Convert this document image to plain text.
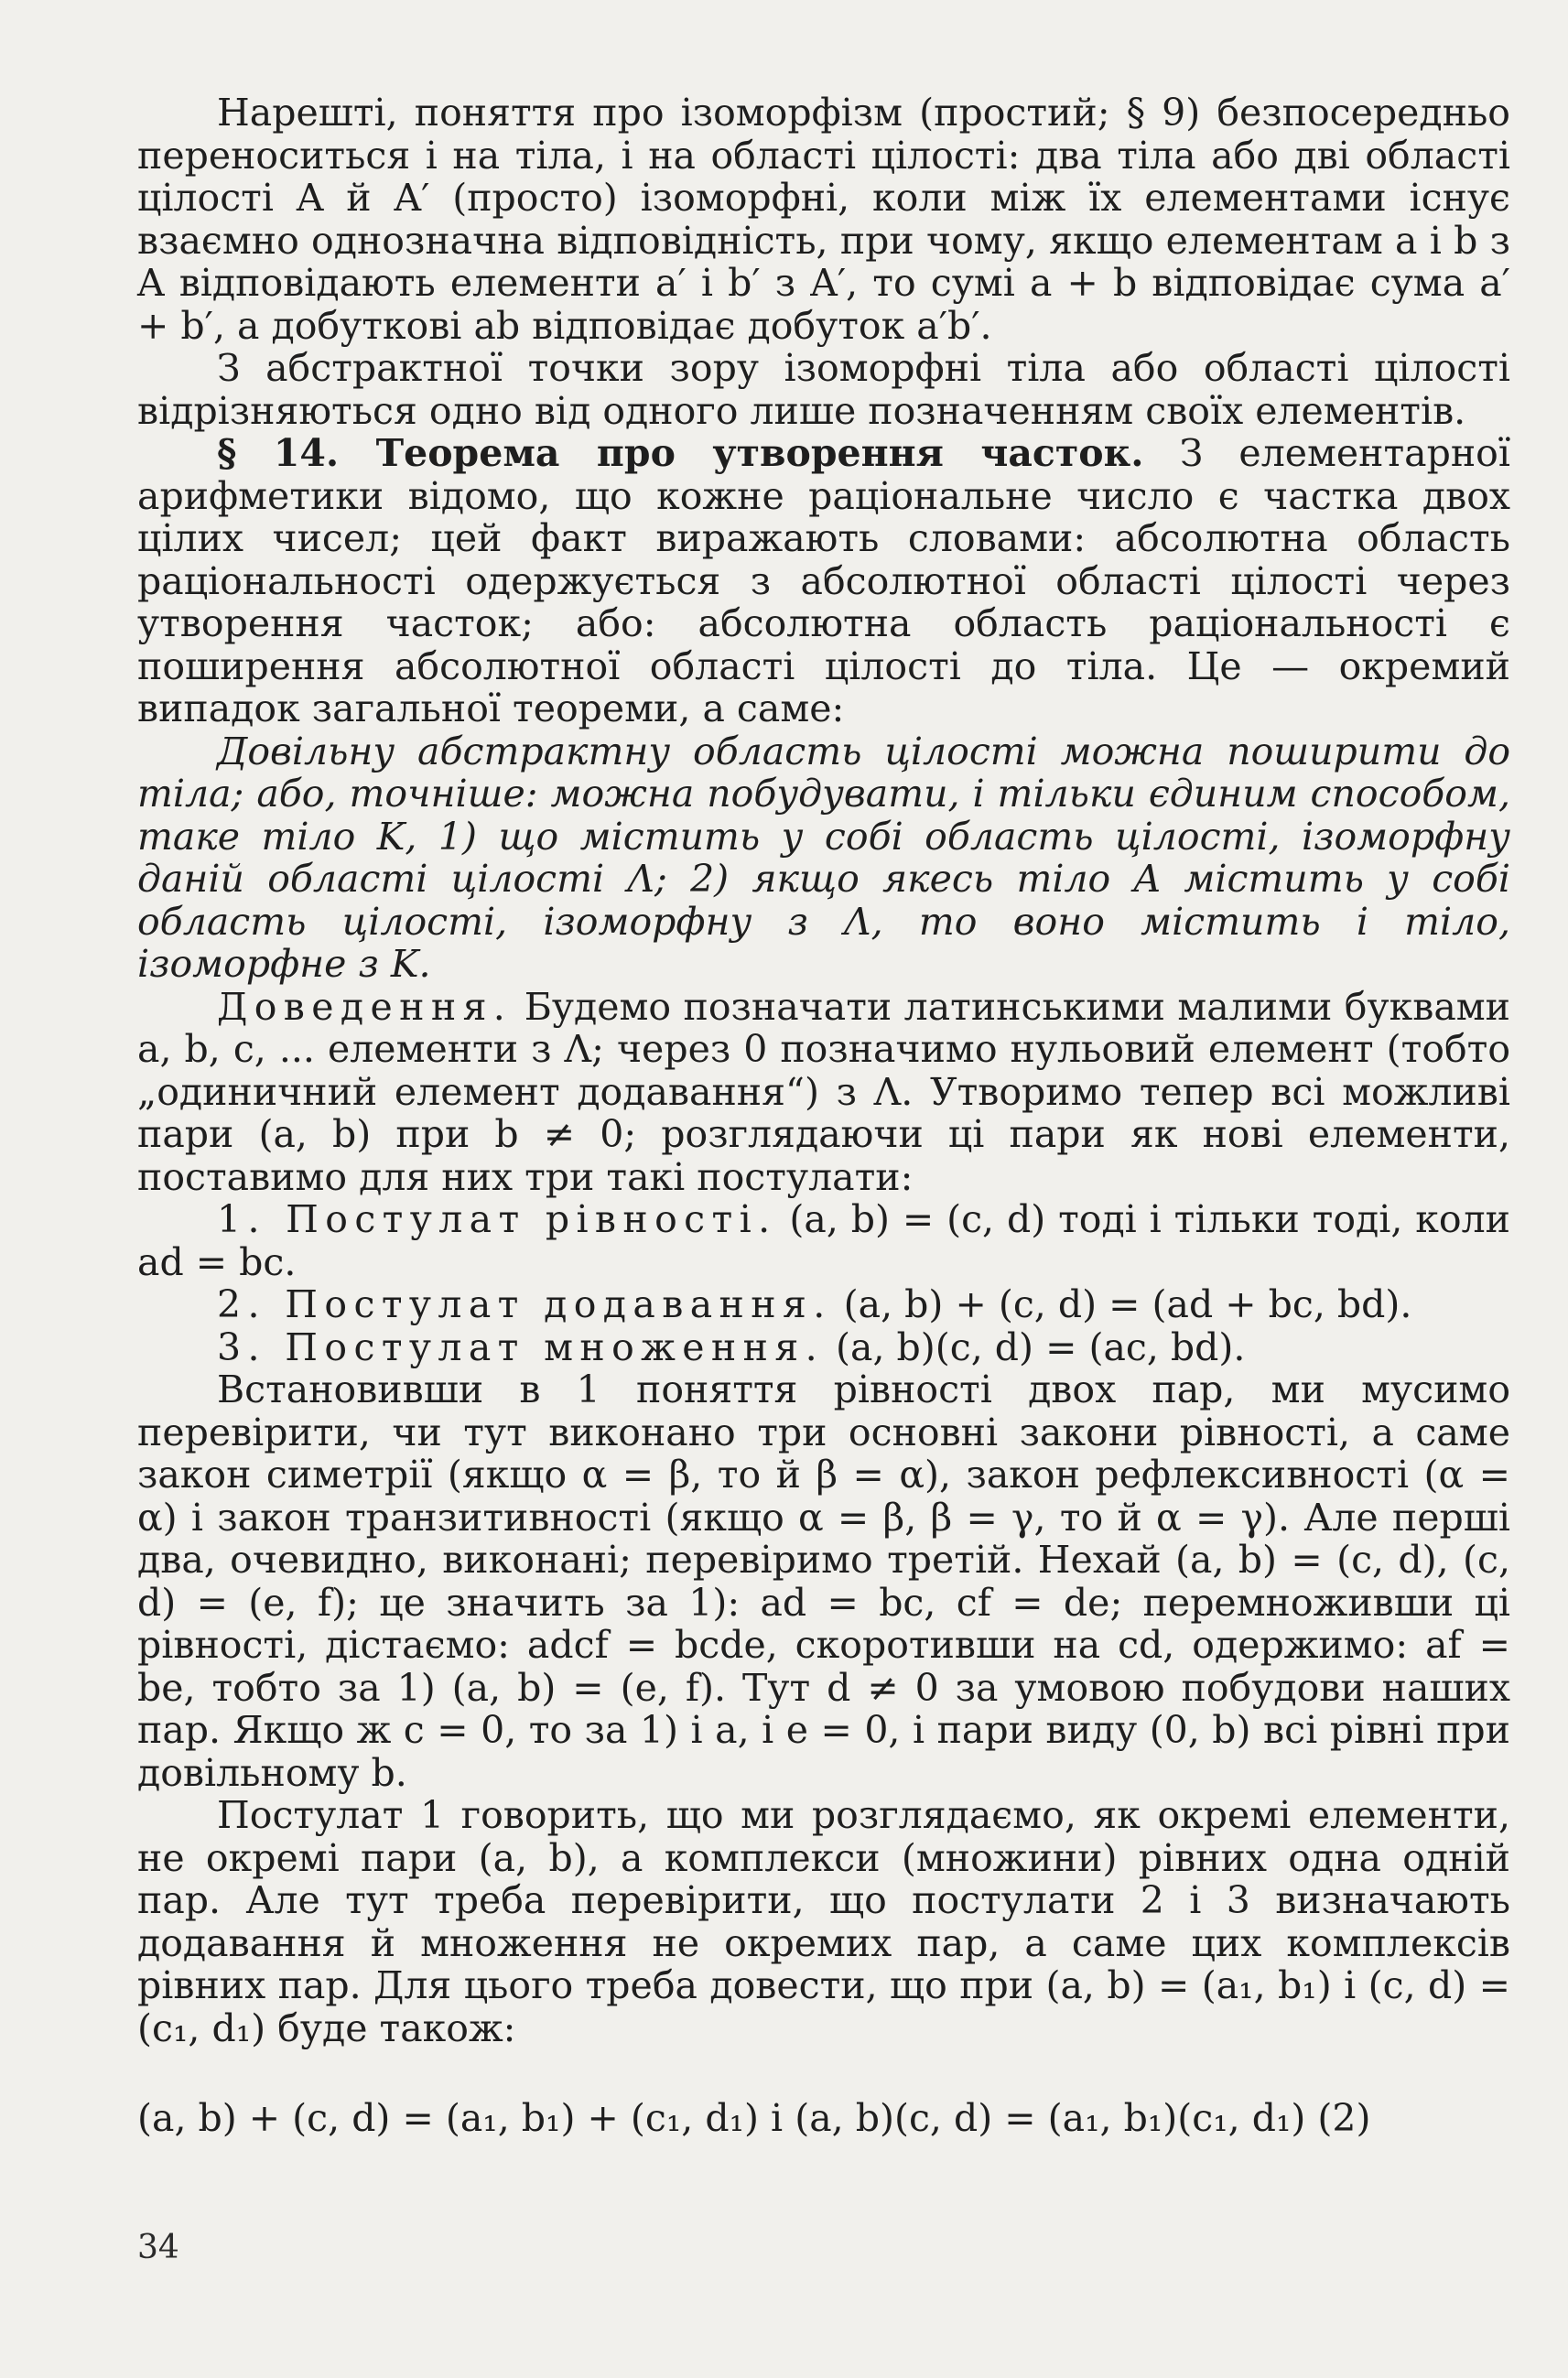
Нарешті, поняття про ізоморфізм (простий; § 9) безпосередньо переноситься і на тіла, і на області цілості: два тіла або дві області цілості A й A′ (просто) ізоморфні, коли між їх елементами існує взаємно однозначна відповідність, при чому, якщо елементам a і b з A відповідають елементи a′ і b′ з A′, то сумі a + b відповідає сума a′ + b′, а добуткові ab відповідає добуток a′b′.

З абстрактної точки зору ізоморфні тіла або області цілості відрізняються одно від одного лише позначенням своїх елементів.

§ 14. Теорема про утворення часток. З елементарної арифметики відомо, що кожне раціональне число є частка двох цілих чисел; цей факт виражають словами: абсолютна область раціональності одержується з абсолютної області цілості через утворення часток; або: абсолютна область раціональності є поширення абсолютної області цілості до тіла. Це — окремий випадок загальної теореми, а саме:

Довільну абстрактну область цілості можна поширити до тіла; або, точніше: можна побудувати, і тільки єдиним способом, таке тіло K, 1) що містить у собі область цілості, ізоморфну даній області цілості Λ; 2) якщо якесь тіло A містить у собі область цілості, ізоморфну з Λ, то воно містить і тіло, ізоморфне з K.

Доведення. Будемо позначати латинськими малими буквами a, b, c, ... елементи з Λ; через 0 позначимо нульовий елемент (тобто „одиничний елемент додавання“) з Λ. Утворимо тепер всі можливі пари (a, b) при b ≠ 0; розглядаючи ці пари як нові елементи, поставимо для них три такі постулати:

1. Постулат рівності. (a, b) = (c, d) тоді і тільки тоді, коли ad = bc.

2. Постулат додавання. (a, b) + (c, d) = (ad + bc, bd).

3. Постулат множення. (a, b)(c, d) = (ac, bd).

Встановивши в 1 поняття рівності двох пар, ми мусимо перевірити, чи тут виконано три основні закони рівності, а саме закон симетрії (якщо α = β, то й β = α), закон рефлексивності (α = α) і закон транзитивності (якщо α = β, β = γ, то й α = γ). Але перші два, очевидно, виконані; перевіримо третій. Нехай (a, b) = (c, d), (c, d) = (e, f); це значить за 1): ad = bc, cf = de; перемноживши ці рівності, дістаємо: adcf = bcde, скоротивши на cd, одержимо: af = be, тобто за 1) (a, b) = (e, f). Тут d ≠ 0 за умовою побудови наших пар. Якщо ж c = 0, то за 1) і a, і e = 0, і пари виду (0, b) всі рівні при довільному b.

Постулат 1 говорить, що ми розглядаємо, як окремі елементи, не окремі пари (a, b), а комплекси (множини) рівних одна одній пар. Але тут треба перевірити, що постулати 2 і 3 визначають додавання й множення не окремих пар, а саме цих комплексів рівних пар. Для цього треба довести, що при (a, b) = (a₁, b₁) і (c, d) = (c₁, d₁) буде також:

(a, b) + (c, d) = (a₁, b₁) + (c₁, d₁) і (a, b)(c, d) = (a₁, b₁)(c₁, d₁) (2)

34
